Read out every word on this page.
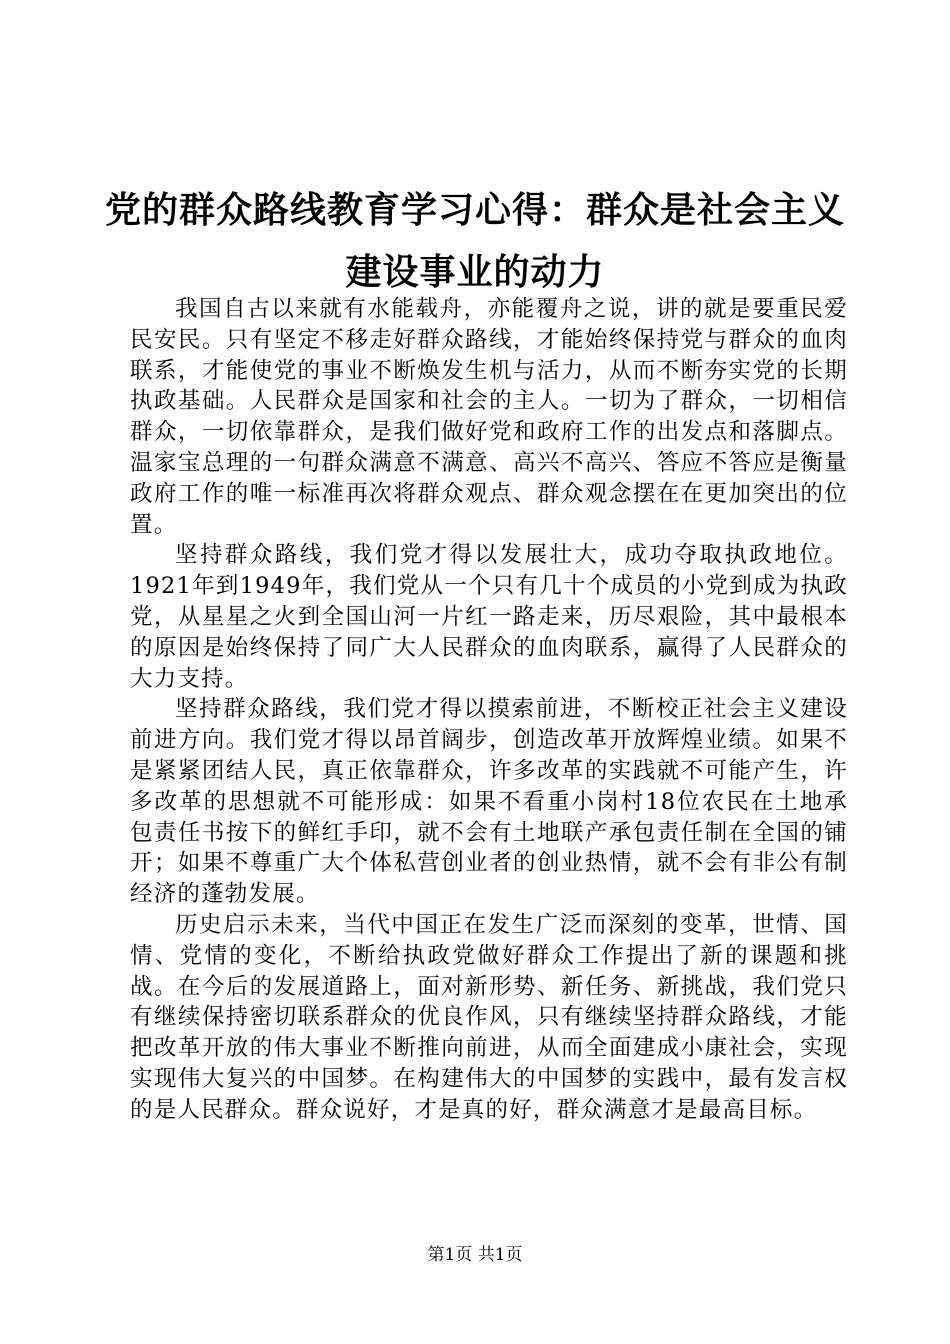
党的群众路线教育学习心得：群众是社会主义
建设事业的动力

我国自古以来就有水能载舟，亦能覆舟之说，讲的就是要重民爱民安民。只有坚定不移走好群众路线，才能始终保持党与群众的血肉联系，才能使党的事业不断焕发生机与活力，从而不断夯实党的长期执政基础。人民群众是国家和社会的主人。一切为了群众，一切相信群众，一切依靠群众，是我们做好党和政府工作的出发点和落脚点。温家宝总理的一句群众满意不满意、高兴不高兴、答应不答应是衡量政府工作的唯一标准再次将群众观点、群众观念摆在在更加突出的位置。

坚持群众路线，我们党才得以发展壮大，成功夺取执政地位。1921年到1949年，我们党从一个只有几十个成员的小党到成为执政党，从星星之火到全国山河一片红一路走来，历尽艰险，其中最根本的原因是始终保持了同广大人民群众的血肉联系，赢得了人民群众的大力支持。

坚持群众路线，我们党才得以摸索前进，不断校正社会主义建设前进方向。我们党才得以昂首阔步，创造改革开放辉煌业绩。如果不是紧紧团结人民，真正依靠群众，许多改革的实践就不可能产生，许多改革的思想就不可能形成：如果不看重小岗村18位农民在土地承包责任书按下的鲜红手印，就不会有土地联产承包责任制在全国的铺开；如果不尊重广大个体私营创业者的创业热情，就不会有非公有制经济的蓬勃发展。

历史启示未来，当代中国正在发生广泛而深刻的变革，世情、国情、党情的变化，不断给执政党做好群众工作提出了新的课题和挑战。在今后的发展道路上，面对新形势、新任务、新挑战，我们党只有继续保持密切联系群众的优良作风，只有继续坚持群众路线，才能把改革开放的伟大事业不断推向前进，从而全面建成小康社会，实现实现伟大复兴的中国梦。在构建伟大的中国梦的实践中，最有发言权的是人民群众。群众说好，才是真的好，群众满意才是最高目标。

第1页 共1页
